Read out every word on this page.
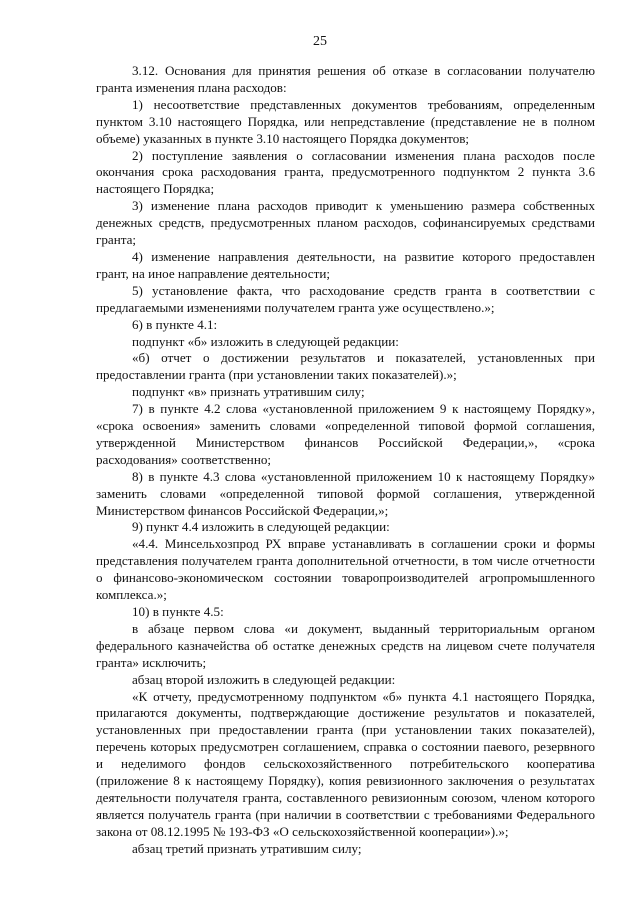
25

3.12. Основания для принятия решения об отказе в согласовании получателю гранта изменения плана расходов:

1) несоответствие представленных документов требованиям, определенным пунктом 3.10 настоящего Порядка, или непредставление (представление не в полном объеме) указанных в пункте 3.10 настоящего Порядка документов;

2) поступление заявления о согласовании изменения плана расходов после окончания срока расходования гранта, предусмотренного подпунктом 2 пункта 3.6 настоящего Порядка;

3) изменение плана расходов приводит к уменьшению размера собственных денежных средств, предусмотренных планом расходов, софинансируемых средствами гранта;

4) изменение направления деятельности, на развитие которого предоставлен грант, на иное направление деятельности;

5) установление факта, что расходование средств гранта в соответствии с предлагаемыми изменениями получателем гранта уже осуществлено.»;

6) в пункте 4.1:

подпункт «б» изложить в следующей редакции:

«б) отчет о достижении результатов и показателей, установленных при предоставлении гранта (при установлении таких показателей).»;

подпункт «в» признать утратившим силу;

7) в пункте 4.2 слова «установленной приложением 9 к настоящему Порядку», «срока освоения» заменить словами «определенной типовой формой соглашения, утвержденной Министерством финансов Российской Федерации,», «срока расходования» соответственно;

8) в пункте 4.3 слова «установленной приложением 10 к настоящему Порядку» заменить словами «определенной типовой формой соглашения, утвержденной Министерством финансов Российской Федерации,»;

9) пункт 4.4 изложить в следующей редакции:

«4.4. Минсельхозпрод РХ вправе устанавливать в соглашении сроки и формы представления получателем гранта дополнительной отчетности, в том числе отчетности о финансово-экономическом состоянии товаропроизводителей агропромышленного комплекса.»;

10) в пункте 4.5:

в абзаце первом слова «и документ, выданный территориальным органом федерального казначейства об остатке денежных средств на лицевом счете получателя гранта» исключить;

абзац второй изложить в следующей редакции:

«К отчету, предусмотренному подпунктом «б» пункта 4.1 настоящего Порядка, прилагаются документы, подтверждающие достижение результатов и показателей, установленных при предоставлении гранта (при установлении таких показателей), перечень которых предусмотрен соглашением, справка о состоянии паевого, резервного и неделимого фондов сельскохозяйственного потребительского кооператива (приложение 8 к настоящему Порядку), копия ревизионного заключения о результатах деятельности получателя гранта, составленного ревизионным союзом, членом которого является получатель гранта (при наличии в соответствии с требованиями Федерального закона от 08.12.1995 № 193-ФЗ «О сельскохозяйственной кооперации»).»;

абзац третий признать утратившим силу;
